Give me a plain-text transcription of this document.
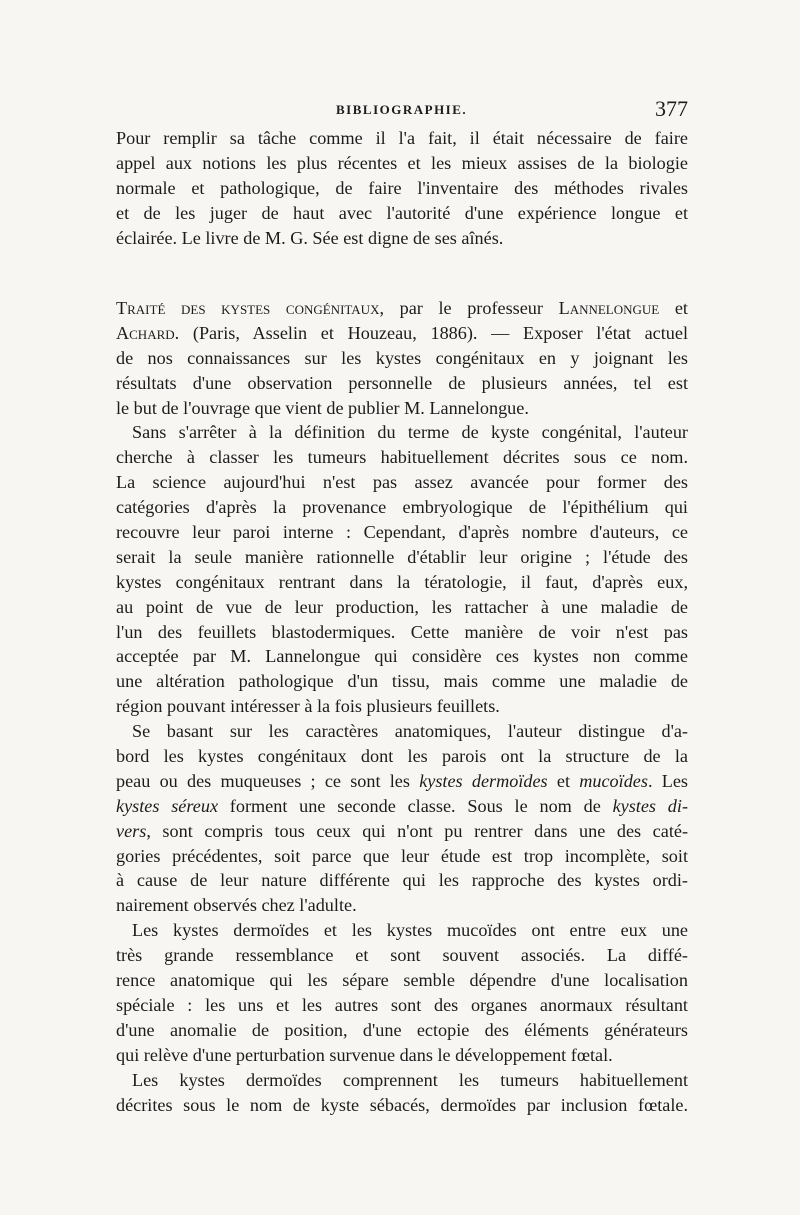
BIBLIOGRAPHIE.	377
Pour remplir sa tâche comme il l'a fait, il était nécessaire de faire
appel aux notions les plus récentes et les mieux assises de la biologie
normale et pathologique, de faire l'inventaire des méthodes rivales
et de les juger de haut avec l'autorité d'une expérience longue et
éclairée. Le livre de M. G. Sée est digne de ses aînés.
Traité des kystes congénitaux, par le professeur Lannelongue et
Achard. (Paris, Asselin et Houzeau, 1886). — Exposer l'état actuel
de nos connaissances sur les kystes congénitaux en y joignant les
résultats d'une observation personnelle de plusieurs années, tel est
le but de l'ouvrage que vient de publier M. Lannelongue.
Sans s'arrêter à la définition du terme de kyste congénital, l'auteur
cherche à classer les tumeurs habituellement décrites sous ce nom.
La science aujourd'hui n'est pas assez avancée pour former des
catégories d'après la provenance embryologique de l'épithélium qui
recouvre leur paroi interne : Cependant, d'après nombre d'auteurs, ce
serait la seule manière rationnelle d'établir leur origine ; l'étude des
kystes congénitaux rentrant dans la tératologie, il faut, d'après eux,
au point de vue de leur production, les rattacher à une maladie de
l'un des feuillets blastodermiques. Cette manière de voir n'est pas
acceptée par M. Lannelongue qui considère ces kystes non comme
une altération pathologique d'un tissu, mais comme une maladie de
région pouvant intéresser à la fois plusieurs feuillets.
Se basant sur les caractères anatomiques, l'auteur distingue d'a-
bord les kystes congénitaux dont les parois ont la structure de la
peau ou des muqueuses ; ce sont les kystes dermoïdes et mucoïdes. Les
kystes séreux forment une seconde classe. Sous le nom de kystes di-
vers, sont compris tous ceux qui n'ont pu rentrer dans une des caté-
gories précédentes, soit parce que leur étude est trop incomplète, soit
à cause de leur nature différente qui les rapproche des kystes ordi-
nairement observés chez l'adulte.
Les kystes dermoïdes et les kystes mucoïdes ont entre eux une
très grande ressemblance et sont souvent associés. La diffé-
rence anatomique qui les sépare semble dépendre d'une localisation
spéciale : les uns et les autres sont des organes anormaux résultant
d'une anomalie de position, d'une ectopie des éléments générateurs
qui relève d'une perturbation survenue dans le développement fœtal.
Les kystes dermoïdes comprennent les tumeurs habituellement
décrites sous le nom de kyste sébacés, dermoïdes par inclusion fœtale.
